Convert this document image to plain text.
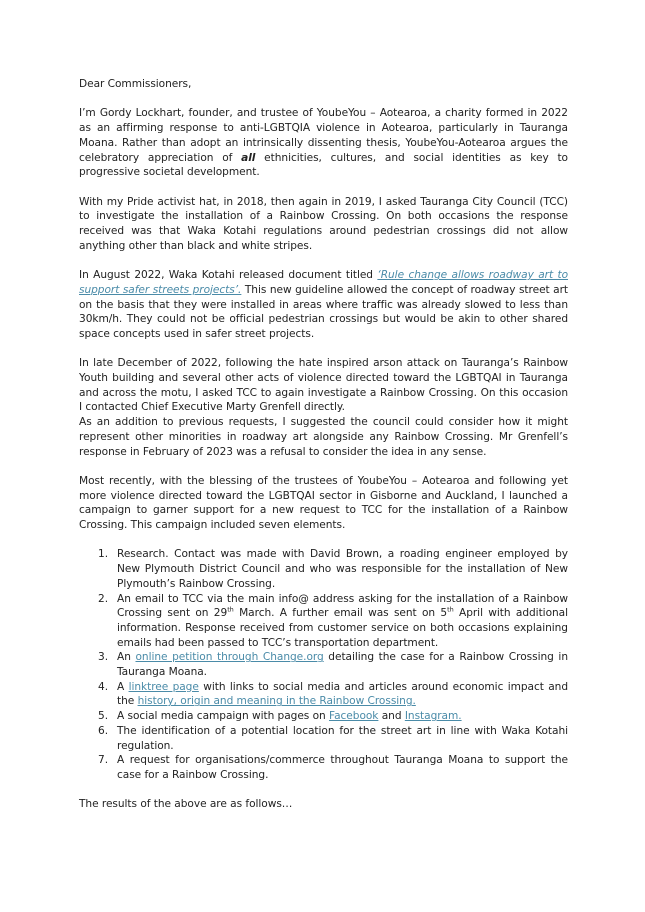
Dear Commissioners,

I’m Gordy Lockhart, founder, and trustee of YoubeYou – Aotearoa, a charity formed in 2022 as an affirming response to anti-LGBTQIA violence in Aotearoa, particularly in Tauranga Moana. Rather than adopt an intrinsically dissenting thesis, YoubeYou-Aotearoa argues the celebratory appreciation of all ethnicities, cultures, and social identities as key to progressive societal development.

With my Pride activist hat, in 2018, then again in 2019, I asked Tauranga City Council (TCC) to investigate the installation of a Rainbow Crossing. On both occasions the response received was that Waka Kotahi regulations around pedestrian crossings did not allow anything other than black and white stripes.

In August 2022, Waka Kotahi released document titled ‘Rule change allows roadway art to support safer streets projects’. This new guideline allowed the concept of roadway street art on the basis that they were installed in areas where traffic was already slowed to less than 30km/h. They could not be official pedestrian crossings but would be akin to other shared space concepts used in safer street projects.

In late December of 2022, following the hate inspired arson attack on Tauranga’s Rainbow Youth building and several other acts of violence directed toward the LGBTQAI in Tauranga and across the motu, I asked TCC to again investigate a Rainbow Crossing. On this occasion I contacted Chief Executive Marty Grenfell directly.

As an addition to previous requests, I suggested the council could consider how it might represent other minorities in roadway art alongside any Rainbow Crossing. Mr Grenfell’s response in February of 2023 was a refusal to consider the idea in any sense.

Most recently, with the blessing of the trustees of YoubeYou – Aotearoa and following yet more violence directed toward the LGBTQAI sector in Gisborne and Auckland, I launched a campaign to garner support for a new request to TCC for the installation of a Rainbow Crossing. This campaign included seven elements.

1. Research. Contact was made with David Brown, a roading engineer employed by New Plymouth District Council and who was responsible for the installation of New Plymouth’s Rainbow Crossing.
2. An email to TCC via the main info@ address asking for the installation of a Rainbow Crossing sent on 29th March. A further email was sent on 5th April with additional information. Response received from customer service on both occasions explaining emails had been passed to TCC’s transportation department.
3. An online petition through Change.org detailing the case for a Rainbow Crossing in Tauranga Moana.
4. A linktree page with links to social media and articles around economic impact and the history, origin and meaning in the Rainbow Crossing.
5. A social media campaign with pages on Facebook and Instagram.
6. The identification of a potential location for the street art in line with Waka Kotahi regulation.
7. A request for organisations/commerce throughout Tauranga Moana to support the case for a Rainbow Crossing.

The results of the above are as follows…
